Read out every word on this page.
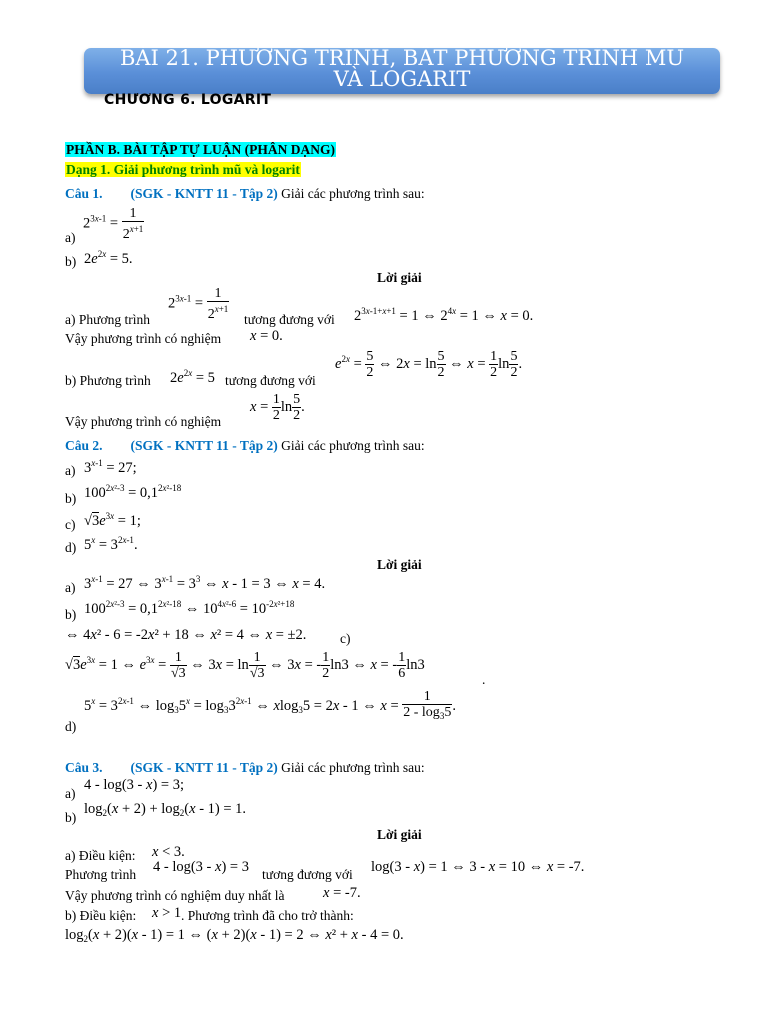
BÀI 21. PHƯƠNG TRÌNH, BẤT PHƯƠNG TRÌNH MŨ
VÀ LOGARIT
CHƯƠNG 6. LOGARIT
PHẦN B. BÀI TẬP TỰ LUẬN (PHÂN DẠNG)
Dạng 1. Giải phương trình mũ và logarit
Câu 1. (SGK - KNTT 11 - Tập 2) Giải các phương trình sau:
a)
$2^{3x-1} = \frac{1}{2^{x+1}}$
b) $2e^{2x} = 5$.
Lời giải
a) Phương trình
$2^{3x-1} = \frac{1}{2^{x+1}}$ tương đương với $2^{3x-1+x+1} = 1$ ⇔ $2^{4x} = 1$ ⇔ x = 0.
Vậy phương trình có nghiệm x = 0.
b) Phương trình $2e^{2x} = 5$ tương đương với
$e^{2x} = \frac{5}{2}$ ⇔ $2x = \ln \frac{5}{2}$ ⇔ $x = \frac{1}{2}$ $\ln \frac{5}{2}$ .
Vậy phương trình có nghiệm
$x = \frac{1}{2}$ $\ln \frac{5}{2}$ .
Câu 2. (SGK - KNTT 11 - Tập 2) Giải các phương trình sau:
a) $3^{x-1} = 27$;
b) $100^{2x^2-3} = 0,1^{2x^2-18}$
c) $√3e^{3x} = 1$;
d) $5^x = 3^{2x-1}$.
Lời giải
a) $3^{x-1} = 27$ ⇔ $3^{x-1} = 3^3$ ⇔ x - 1 = 3 ⇔ x = 4.
b) $100^{2x^2-3} = 0,1^{2x^2-18}$ ⇔ $10^{4x^2-6} = 10^{-2x^2+18}$
⇔ 4x² - 6 = -2x² + 18 ⇔ x² = 4 ⇔ x = ±2. c)
$√3e^{3x} = 1$ ⇔ $e^{3x} = \frac{1}{√3}$ ⇔ $3x = \ln \frac{1}{√3}$ ⇔ 3x = - $\frac{1}{2} \ln 3$ ⇔ x = - $\frac{1}{6} \ln 3$
.
$5^x = 3^{2x-1}$ ⇔ $\log_35^x = \log_33^{2x-1}$ ⇔ xlog$_3$5 = 2x - 1 ⇔ $x = \frac{1}{2 - \log_35}$ .
d)
Câu 3. (SGK - KNTT 11 - Tập 2) Giải các phương trình sau:
a)
4 - log(3 - x) = 3;
b)
$\log_2(x + 2) + \log_2(x - 1) = 1$.
Lời giải
a) Điều kiện: x < 3.
Phương trình 4 - log(3 - x) = 3 tương đương với log(3 - x) = 1 ⇔ 3 - x = 10 ⇔ x = -7.
Vậy phương trình có nghiệm duy nhất là	x = -7.
b) Điều kiện: x > 1 . Phương trình đã cho trở thành:
$\log_2(x + 2)(x - 1) = 1$ ⇔ (x + 2)(x - 1) = 2 ⇔ x² + x - 4 = 0.
